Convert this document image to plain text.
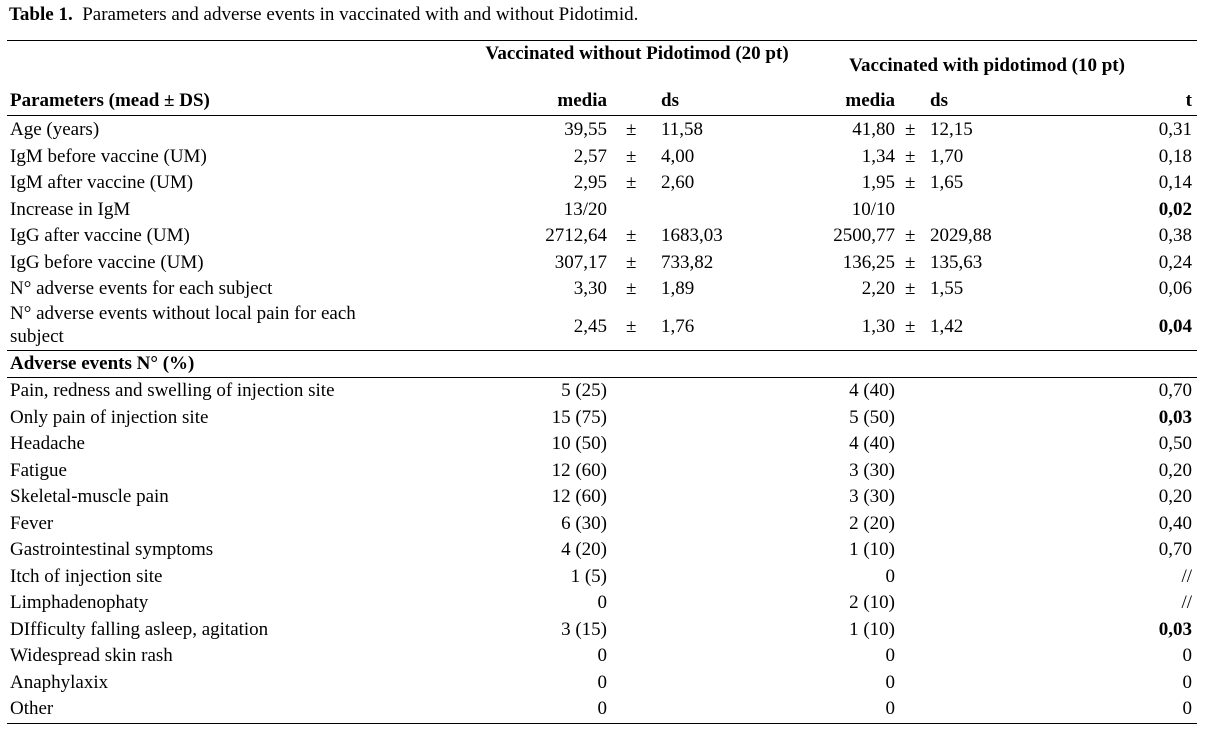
Table 1. Parameters and adverse events in vaccinated with and without Pidotimid.
Vaccinated without Pidotimod (20 pt)
Vaccinated with pidotimod (10 pt)
Parameters (mead ± DS)	media	ds	media ds	t
Age (years)	39,55 ± 11,58	41,80 ± 12,15	0,31
IgM before vaccine (UM)	2,57 ± 4,00	1,34 ± 1,70	0,18
IgM after vaccine (UM)	2,95 ± 2,60	1,95 ± 1,65	0,14
Increase in IgM	13/20	10/10	0,02
IgG after vaccine (UM)	2712,64 ± 1683,03	2500,77 ± 2029,88	0,38
IgG before vaccine (UM)	307,17 ± 733,82	136,25 ± 135,63	0,24
N° adverse events for each subject	3,30 ± 1,89	2,20 ± 1,55	0,06
N° adverse events without local pain for each subject	2,45 ± 1,76	1,30 ± 1,42	0,04
Adverse events N° (%)
Pain, redness and swelling of injection site	5 (25)	4 (40)	0,70
Only pain of injection site	15 (75)	5 (50)	0,03
Headache	10 (50)	4 (40)	0,50
Fatigue	12 (60)	3 (30)	0,20
Skeletal-muscle pain	12 (60)	3 (30)	0,20
Fever	6 (30)	2 (20)	0,40
Gastrointestinal symptoms	4 (20)	1 (10)	0,70
Itch of injection site	1 (5)	0	//
Limphadenophaty	0	2 (10)	//
DIfficulty falling asleep, agitation	3 (15)	1 (10)	0,03
Widespread skin rash	0	0	0
Anaphylaxix	0	0	0
Other	0	0	0
